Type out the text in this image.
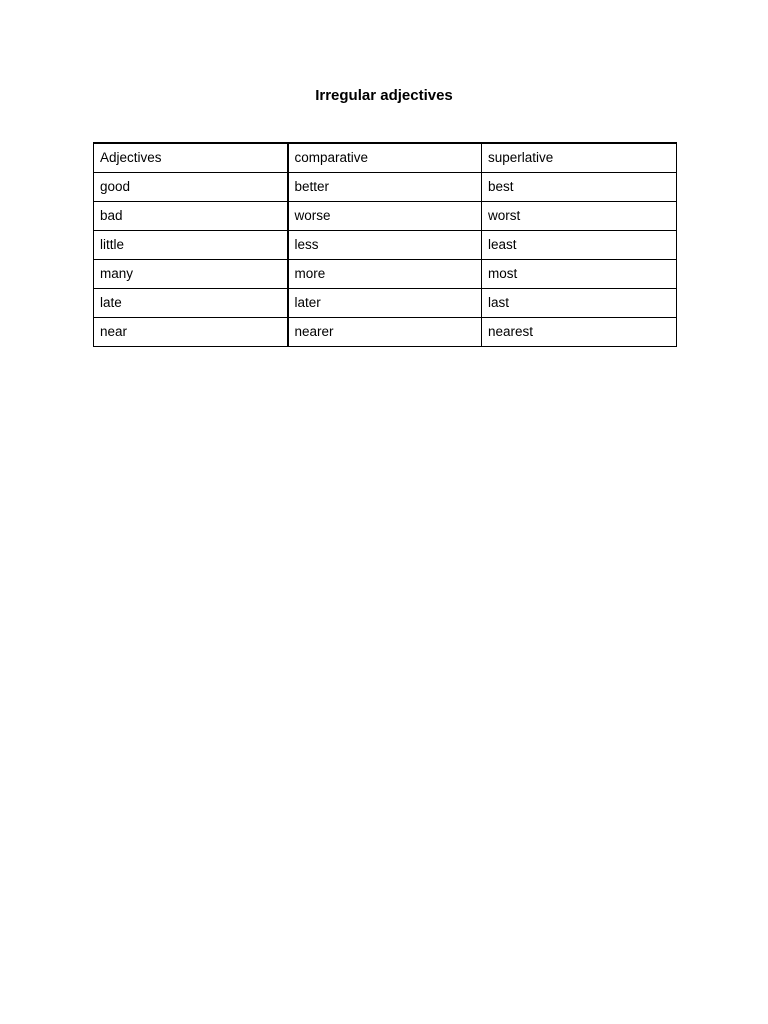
Irregular adjectives
Adjectives	comparative	superlative
good	better	best
bad	worse	worst
little	less	least
many	more	most
late	later	last
near	nearer	nearest
